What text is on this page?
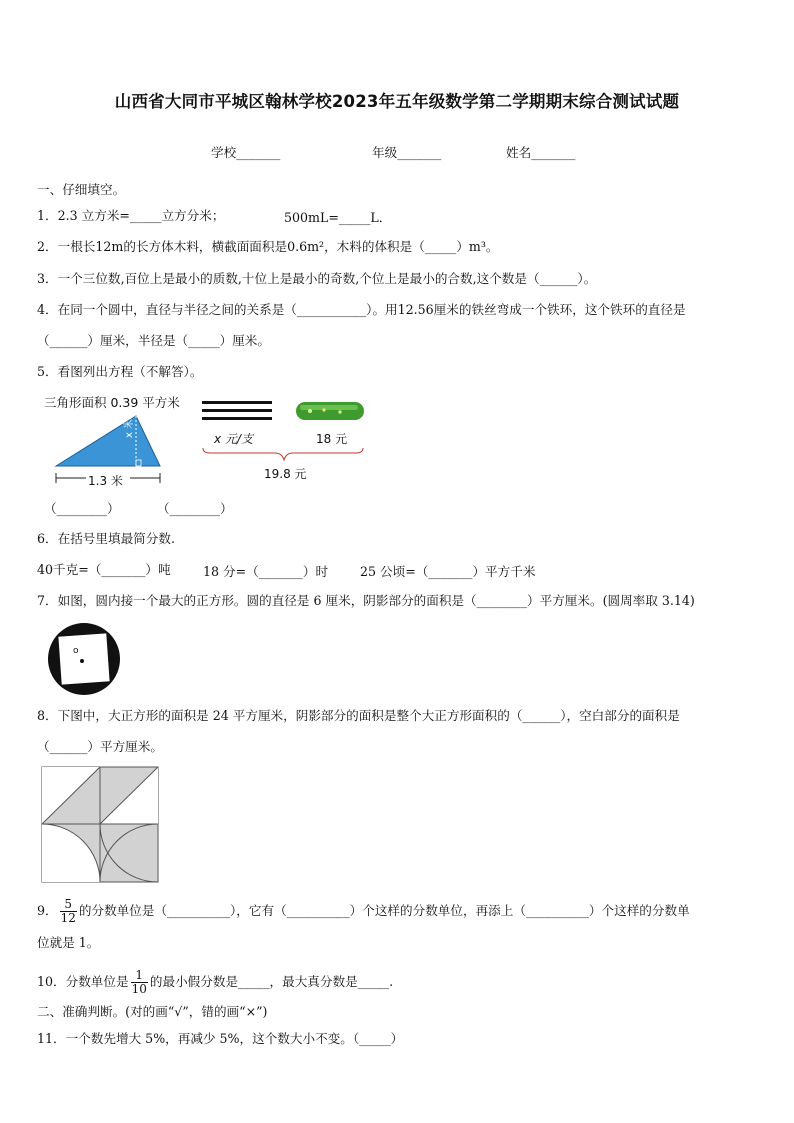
山西省大同市平城区翰林学校2023年五年级数学第二学期期末综合测试试题
学校_______	年级_______	姓名_______
一、仔细填空。
1．2.3 立方米=_____立方分米；	500mL=_____L．
2．一根长12m的长方体木料，横截面面积是0.6m²，木料的体积是（_____）m³。
3．一个三位数,百位上是最小的质数,十位上是最小的奇数,个位上是最小的合数,这个数是（______）。
4．在同一个圆中，直径与半径之间的关系是（___________）。用12.56厘米的铁丝弯成一个铁环，这个铁环的直径是
（______）厘米，半径是（_____）厘米。
5．看图列出方程（不解答）。
三角形面积 0.39 平方米
1.3 米
x 米
x 元/支	18 元
19.8 元
（________）	（________）
6．在括号里填最简分数.
40千克=（_______）吨	18 分=（_______）时	25 公顷=（_______）平方千米
7．如图，圆内接一个最大的正方形。圆的直径是 6 厘米，阴影部分的面积是（________）平方厘米。(圆周率取 3.14)
o
8．下图中，大正方形的面积是 24 平方厘米，阴影部分的面积是整个大正方形面积的（______），空白部分的面积是
（______）平方厘米。
9． $\frac{5}{12}$ 的分数单位是（__________），它有（__________）个这样的分数单位，再添上（__________）个这样的分数单
位就是 1。
10．分数单位是 $\frac{1}{10}$ 的最小假分数是_____，最大真分数是_____.
二、准确判断。(对的画“√”，错的画“×”)
11．一个数先增大 5%，再减少 5%，这个数大小不变。（_____）
